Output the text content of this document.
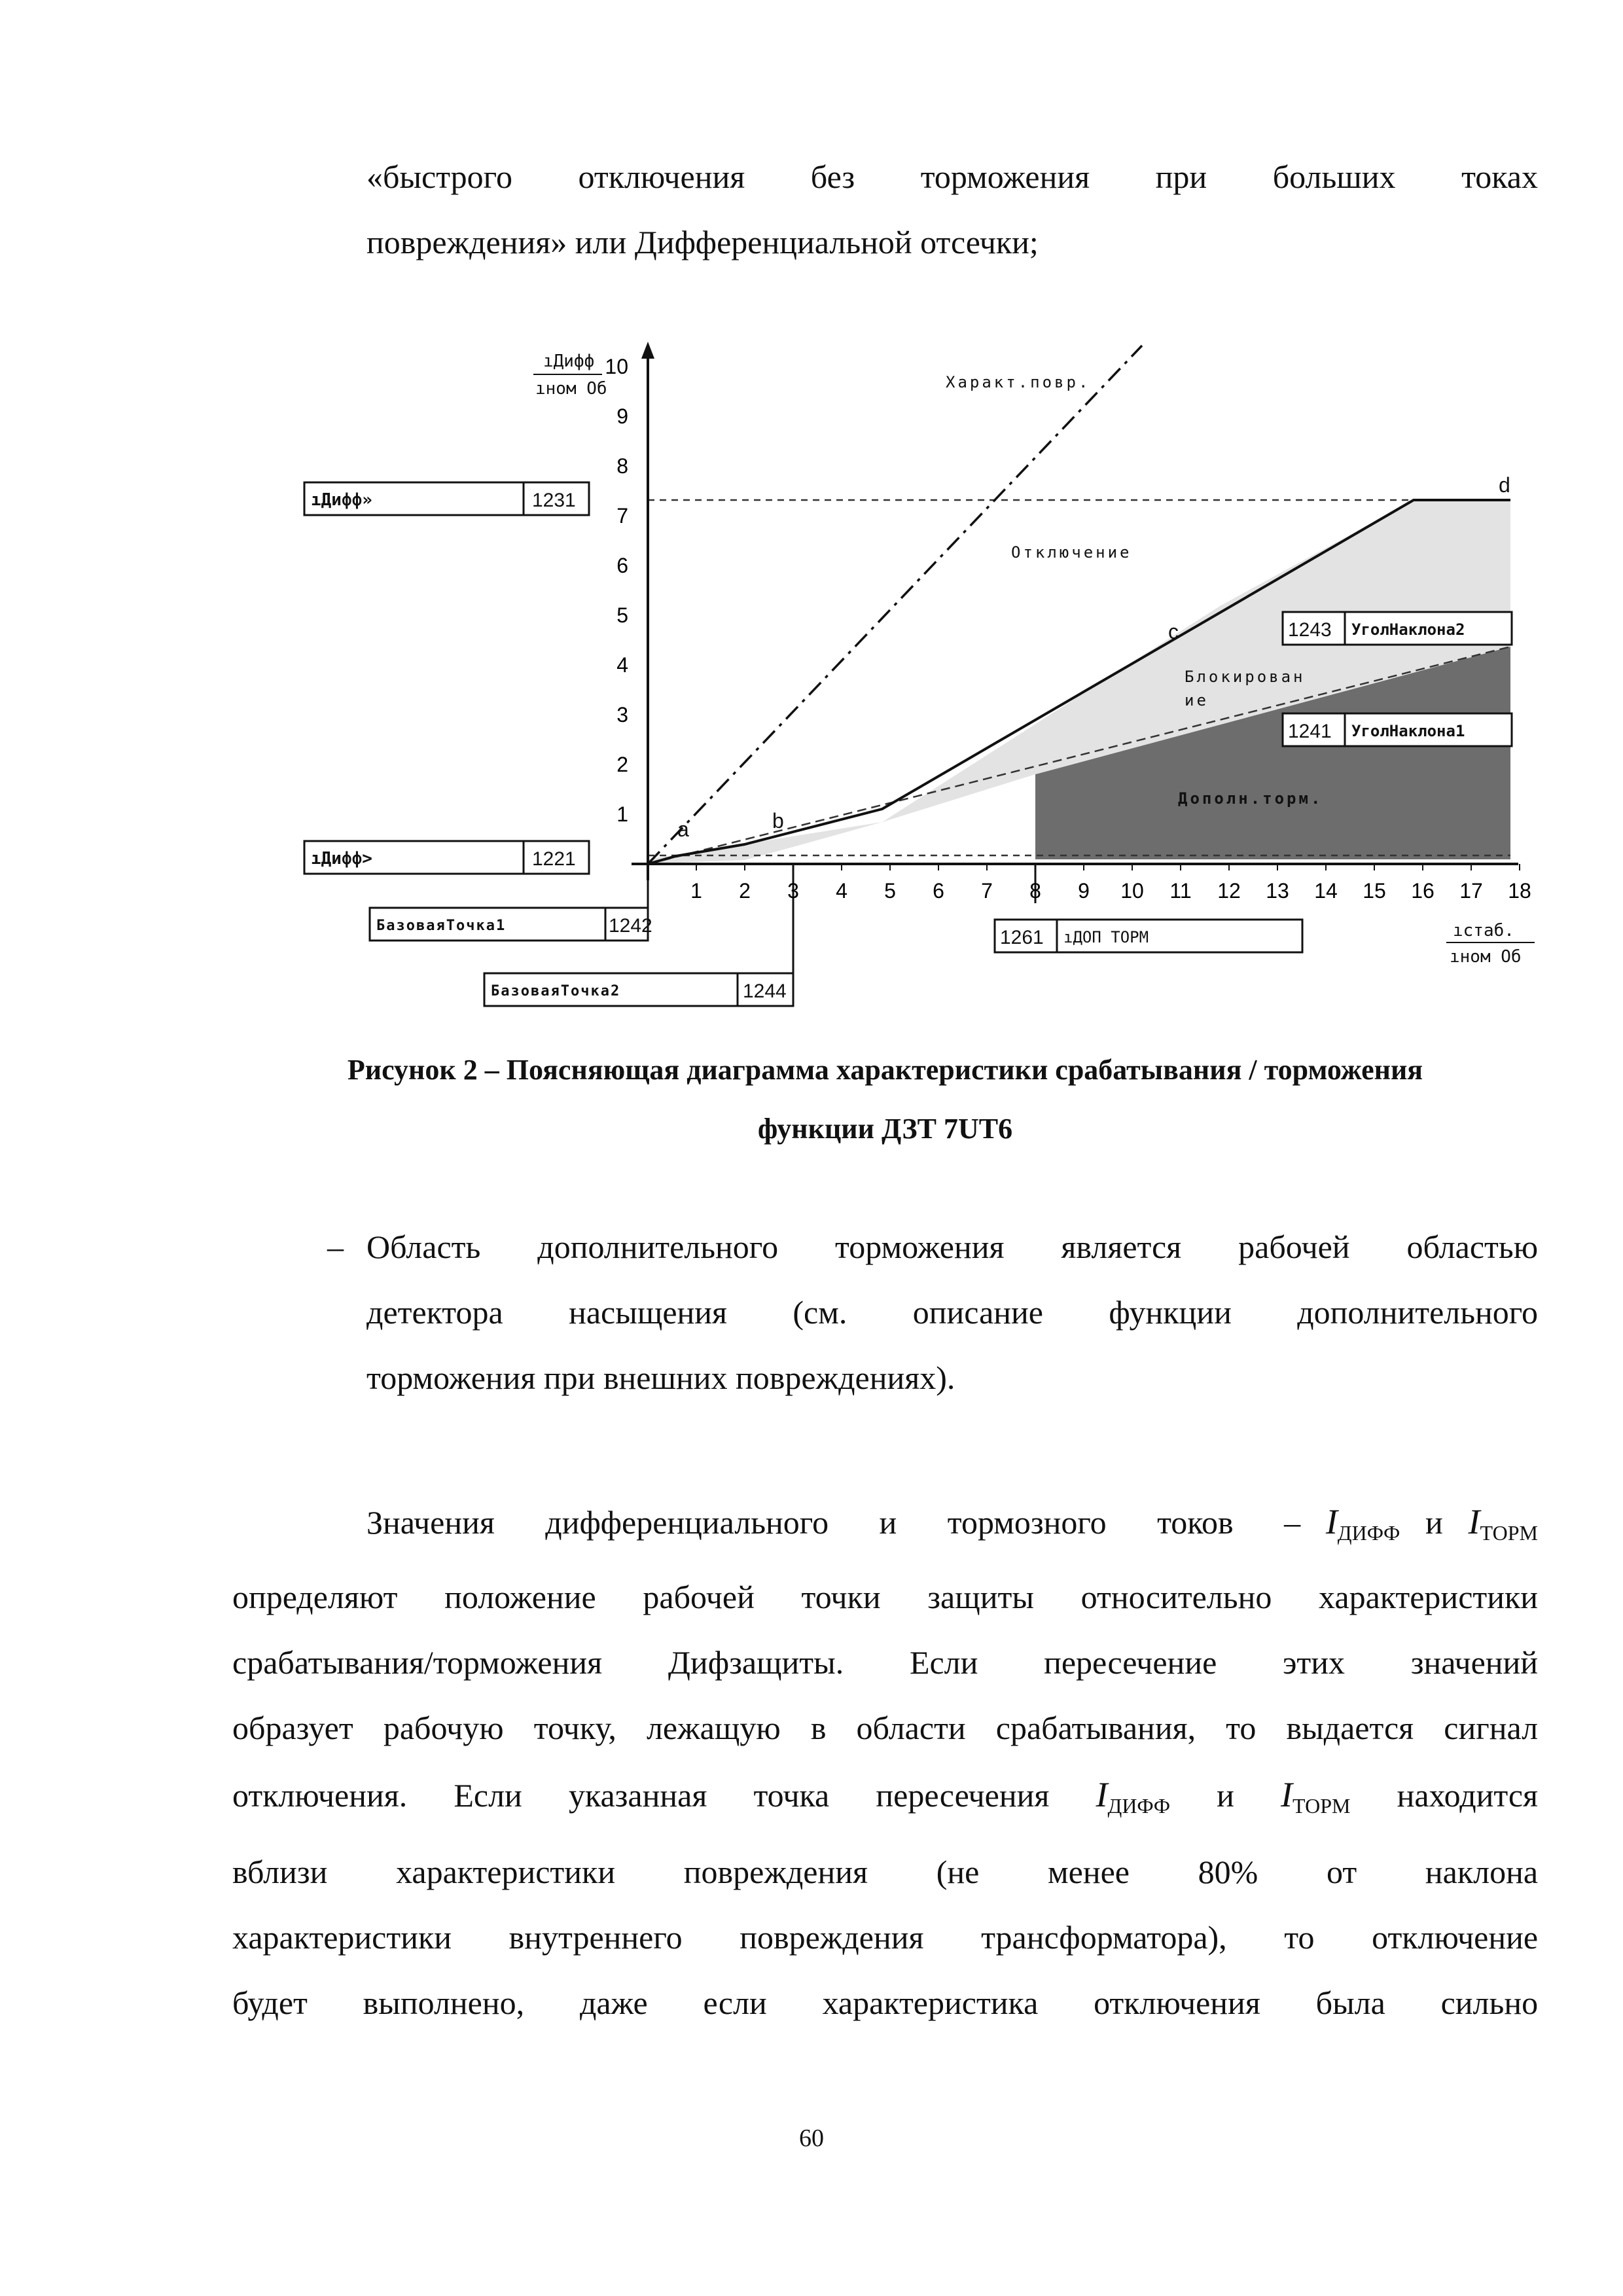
«быстрого отключения без торможения при больших токах
повреждения» или Дифференциальной отсечки;
1
2
3
4
5
6
7
8
9
10
1 2 3 4 5 6 7 8 9 10 11 12 13 14 15 16 17 18
ıДифф
ıном Об
ıстаб.
ıном Об
Характ.повр.
Отключение
Блокирован
ие
Дополн.торм.
a	b
c
d
ıДифф»	1231
ıДифф>	1221
1243 УголНаклона2
1241 УголНаклона1
БазоваяТочка1	1242
БазоваяТочка2	1244
1261 ıДОП ТОРМ
Рисунок 2 – Поясняющая диаграмма характеристики срабатывания / торможения
функции ДЗТ 7UT6
– Область дополнительного торможения является рабочей областью
детектора насыщения (см. описание функции дополнительного
торможения при внешних повреждениях).
Значения  дифференциального  и  тормозного  токов  – $I_{ДИФФ}$ и $I_{ТОРМ}$
определяют положение рабочей точки защиты относительно характеристики
срабатывания/торможения Дифзащиты. Если пересечение этих значений
образует рабочую точку, лежащую в области срабатывания, то выдается сигнал
отключения. Если указанная точка пересечения $I_{ДИФФ}$ и $I_{ТОРМ}$ находится
вблизи характеристики повреждения (не менее 80% от наклона
характеристики внутреннего повреждения трансформатора), то отключение
будет выполнено, даже если характеристика отключения была сильно
60
